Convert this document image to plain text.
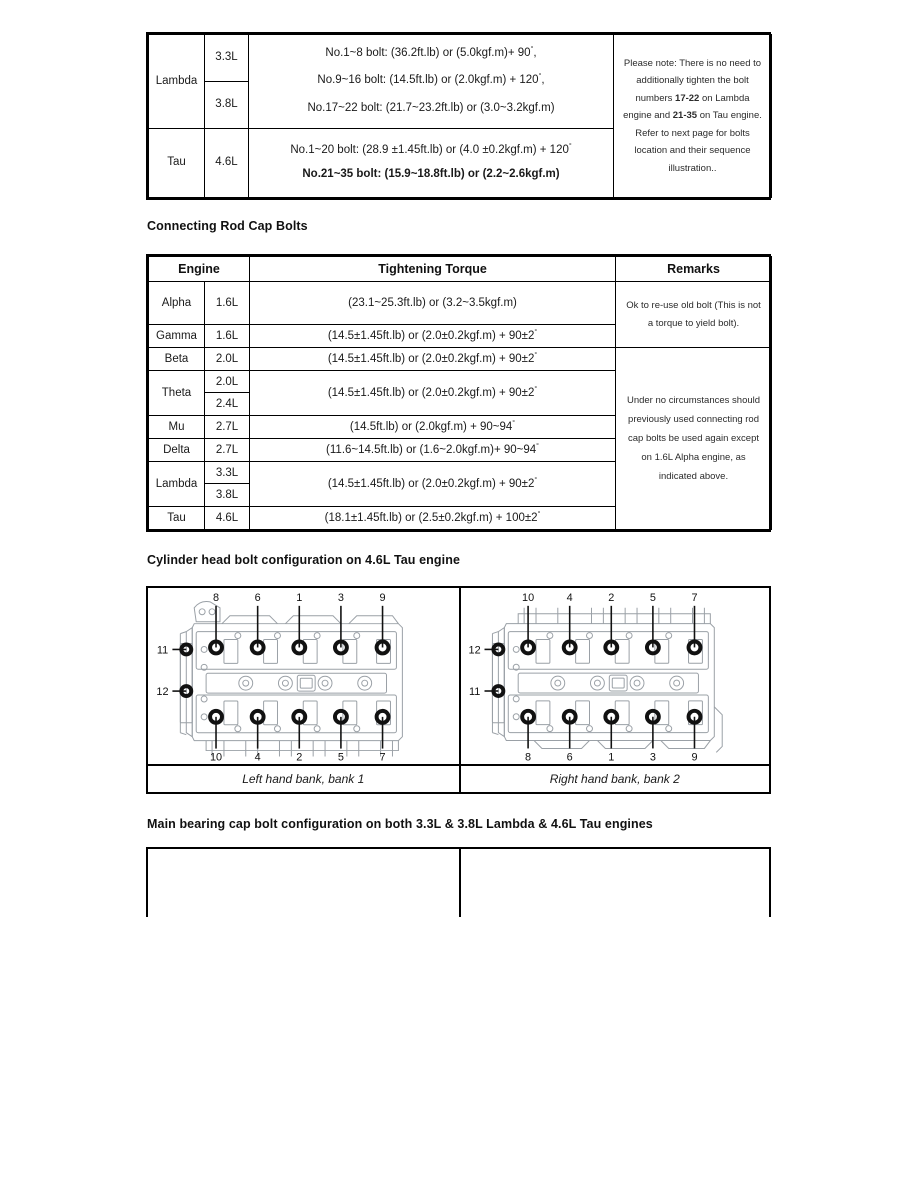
Lambda	3.3L	No.1~8 bolt: (36.2ft.lb) or (5.0kgf.m)+ 90°,
No.9~16 bolt: (14.5ft.lb) or (2.0kgf.m) + 120°,
No.17~22 bolt: (21.7~23.2ft.lb) or (3.0~3.2kgf.m)	Please note: There is no need to additionally tighten the bolt numbers 17-22 on Lambda engine and 21-35 on Tau engine. Refer to next page for bolts location and their sequence illustration..

	3.8L		
Tau	4.6L	No.1~20 bolt: (28.9 ±1.45ft.lb) or (4.0 ±0.2kgf.m) + 120°
No.21~35 bolt: (15.9~18.8ft.lb) or (2.2~2.6kgf.m)	
Connecting Rod Cap Bolts
Engine		Tightening Torque	Remarks
Alpha	1.6L	(23.1~25.3ft.lb) or (3.2~3.5kgf.m)	Ok to re-use old bolt (This is not a torque to yield bolt).

Gamma	1.6L	(14.5±1.45ft.lb) or (2.0±0.2kgf.m) + 90±2°
Beta	2.0L	(14.5±1.45ft.lb) or (2.0±0.2kgf.m) + 90±2°	Under no circumstances should previously used connecting rod cap bolts be used again except on 1.6L Alpha engine, as indicated above.

Theta	2.0L	(14.5±1.45ft.lb) or (2.0±0.2kgf.m) + 90±2°
	2.4L		
Mu	2.7L	(14.5ft.lb) or (2.0kgf.m) + 90~94°
Delta	2.7L	(11.6~14.5ft.lb) or (1.6~2.0kgf.m)+ 90~94°
Lambda	3.3L	(14.5±1.45ft.lb) or (2.0±0.2kgf.m) + 90±2°
	3.8L		
Tau	4.6L	(18.1±1.45ft.lb) or (2.5±0.2kgf.m) + 100±2°
Cylinder head bolt configuration on 4.6L Tau engine
8	6	1	3	9
10	4	2	5	7
11
12
Left hand bank, bank 1
10	4	2	5	7
8	6	1	3	9
12
11
Right hand bank, bank 2
Main bearing cap bolt configuration on both 3.3L & 3.8L Lambda & 4.6L Tau engines
